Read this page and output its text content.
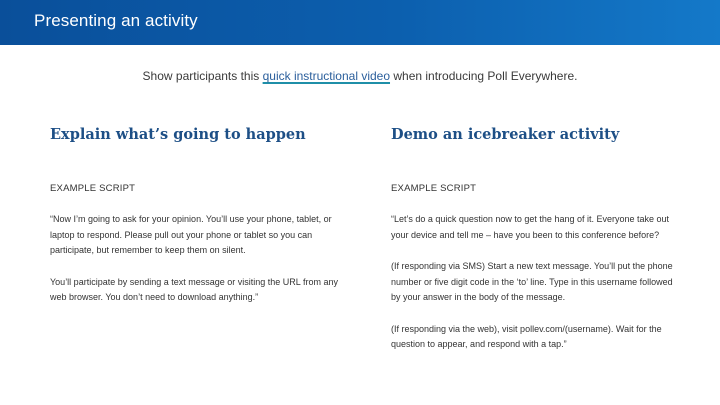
Presenting an activity
Show participants this quick instructional video when introducing Poll Everywhere.
Explain what’s going to happen
EXAMPLE SCRIPT

“Now I’m going to ask for your opinion. You’ll use your phone, tablet, or laptop to respond. Please pull out your phone or tablet so you can participate, but remember to keep them on silent.

You’ll participate by sending a text message or visiting the URL from any web browser. You don’t need to download anything.”

Demo an icebreaker activity
EXAMPLE SCRIPT

“Let’s do a quick question now to get the hang of it. Everyone take out your device and tell me – have you been to this conference before?

(If responding via SMS) Start a new text message. You’ll put the phone number or five digit code in the ‘to’ line. Type in this username followed by your answer in the body of the message.

(If responding via the web), visit pollev.com/(username). Wait for the question to appear, and respond with a tap.”
